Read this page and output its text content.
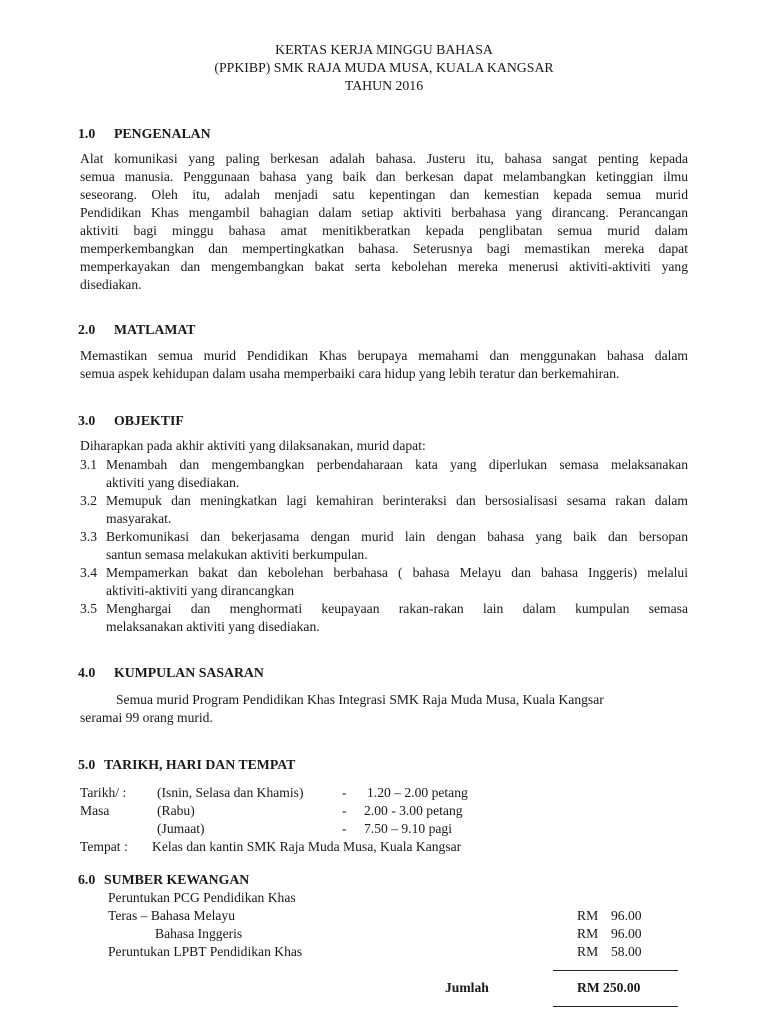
KERTAS KERJA MINGGU BAHASA
(PPKIBP) SMK RAJA MUDA MUSA, KUALA KANGSAR
TAHUN 2016
1.0 PENGENALAN
Alat komunikasi yang paling berkesan adalah bahasa. Justeru itu, bahasa sangat penting kepada
semua manusia. Penggunaan bahasa yang baik dan berkesan dapat melambangkan ketinggian ilmu
seseorang. Oleh itu, adalah menjadi satu kepentingan dan kemestian kepada semua murid
Pendidikan Khas mengambil bahagian dalam setiap aktiviti berbahasa yang dirancang. Perancangan
aktiviti bagi minggu bahasa amat menitikberatkan kepada penglibatan semua murid dalam
memperkembangkan dan mempertingkatkan bahasa. Seterusnya bagi memastikan mereka dapat
memperkayakan dan mengembangkan bakat serta kebolehan mereka menerusi aktiviti-aktiviti yang
disediakan.
2.0 MATLAMAT
Memastikan semua murid Pendidikan Khas berupaya memahami dan menggunakan bahasa dalam
semua aspek kehidupan dalam usaha memperbaiki cara hidup yang lebih teratur dan berkemahiran.
3.0 OBJEKTIF
Diharapkan pada akhir aktiviti yang dilaksanakan, murid dapat:
3.1 Menambah dan mengembangkan perbendaharaan kata yang diperlukan semasa melaksanakan
aktiviti yang disediakan.
3.2 Memupuk dan meningkatkan lagi kemahiran berinteraksi dan bersosialisasi sesama rakan dalam
masyarakat.
3.3 Berkomunikasi dan bekerjasama dengan murid lain dengan bahasa yang baik dan bersopan
santun semasa melakukan aktiviti berkumpulan.
3.4 Mempamerkan bakat dan kebolehan berbahasa ( bahasa Melayu dan bahasa Inggeris) melalui
aktiviti-aktiviti yang dirancangkan
3.5 Menghargai dan menghormati keupayaan rakan-rakan lain dalam kumpulan semasa
melaksanakan aktiviti yang disediakan.
4.0 KUMPULAN SASARAN
Semua murid Program Pendidikan Khas Integrasi SMK Raja Muda Musa, Kuala Kangsar
seramai 99 orang murid.
5.0 TARIKH, HARI DAN TEMPAT
Tarikh/ : (Isnin, Selasa dan Khamis)	- 1.20 – 2.00 petang
Masa	(Rabu)	- 2.00 - 3.00 petang
(Jumaat)	- 7.50 – 9.10 pagi
Tempat : Kelas dan kantin SMK Raja Muda Musa, Kuala Kangsar
6.0 SUMBER KEWANGAN
Peruntukan PCG Pendidikan Khas
Teras – Bahasa Melayu	RM 96.00
Bahasa Inggeris	RM 96.00
Peruntukan LPBT Pendidikan Khas	RM 58.00
Jumlah	RM 250.00
